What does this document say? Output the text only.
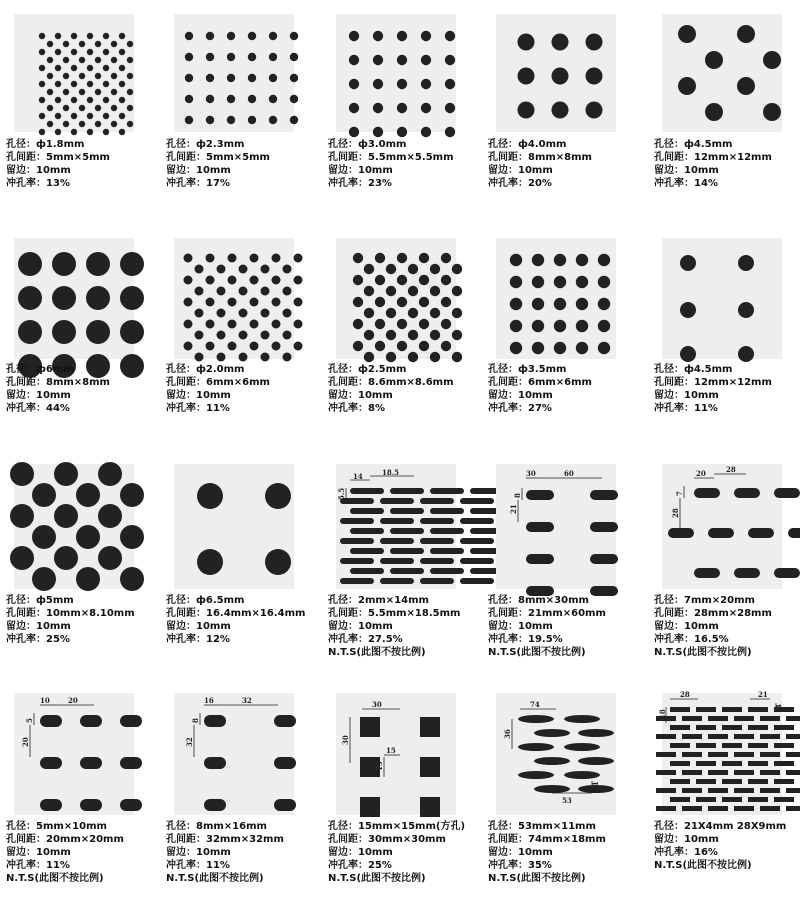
孔径：ф1.8mm
孔间距：5mm×5mm
留边：10mm
冲孔率：13%
孔径：ф2.3mm
孔间距：5mm×5mm
留边：10mm
冲孔率：17%
孔径：ф3.0mm
孔间距：5.5mm×5.5mm
留边：10mm
冲孔率：23%
孔径：ф4.0mm
孔间距：8mm×8mm
留边：10mm
冲孔率：20%
孔径：ф4.5mm
孔间距：12mm×12mm
留边：10mm
冲孔率：14%
孔径：ф6mm
孔间距：8mm×8mm
留边：10mm
冲孔率：44%
孔径：ф2.0mm
孔间距：6mm×6mm
留边：10mm
冲孔率：11%
孔径：ф2.5mm
孔间距：8.6mm×8.6mm
留边：10mm
冲孔率：8%
孔径：ф3.5mm
孔间距：6mm×6mm
留边：10mm
冲孔率：27%
孔径：ф4.5mm
孔间距：12mm×12mm
留边：10mm
冲孔率：11%
孔径：ф5mm
孔间距：10mm×8.10mm
留边：10mm
冲孔率：25%
孔径：ф6.5mm
孔间距：16.4mm×16.4mm
留边：10mm
冲孔率：12%
14	18.5
5.5
2
孔径：2mm×14mm
孔间距：5.5mm×18.5mm
留边：10mm
冲孔率：27.5%
N.T.S(此图不按比例)
30	60
8
21
孔径：8mm×30mm
孔间距：21mm×60mm
留边：10mm
冲孔率：19.5%
N.T.S(此图不按比例)
20	28
7
28
孔径：7mm×20mm
孔间距：28mm×28mm
留边：10mm
冲孔率：16.5%
N.T.S(此图不按比例)
10	20
5
20
孔径：5mm×10mm
孔间距：20mm×20mm
留边：10mm
冲孔率：11%
N.T.S(此图不按比例)
16	32
8
32
孔径：8mm×16mm
孔间距：32mm×32mm
留边：10mm
冲孔率：11%
N.T.S(此图不按比例)
30
15
30
15
孔径：15mm×15mm(方孔)
孔间距：30mm×30mm
留边：10mm
冲孔率：25%
N.T.S(此图不按比例)
74
36
53
11
孔径：53mm×11mm
孔间距：74mm×18mm
留边：10mm
冲孔率：35%
N.T.S(此图不按比例)
28	21
18
4
孔径：21X4mm 28X9mm
留边：10mm
冲孔率：16%
N.T.S(此图不按比例)
